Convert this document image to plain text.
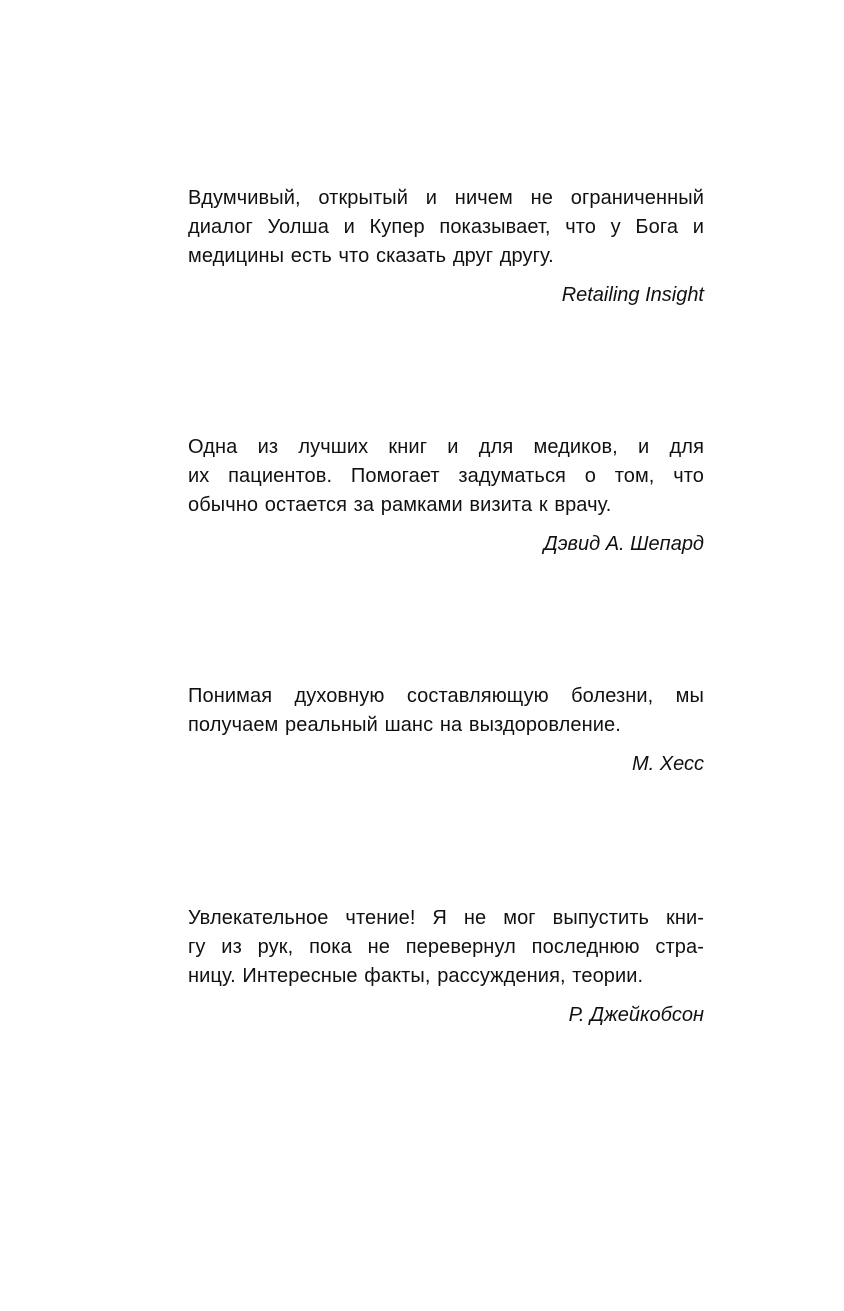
Вдумчивый, открытый и ничем не ограниченный
диалог Уолша и Купер показывает, что у Бога и
медицины есть что сказать друг другу.

Retailing Insight

Одна из лучших книг и для медиков, и для
их пациентов. Помогает задуматься о том, что
обычно остается за рамками визита к врачу.

Дэвид А. Шепард

Понимая духовную составляющую болезни, мы
получаем реальный шанс на выздоровление.

М. Хесс

Увлекательное чтение! Я не мог выпустить кни-
гу из рук, пока не перевернул последнюю стра-
ницу. Интересные факты, рассуждения, теории.

Р. Джейкобсон
